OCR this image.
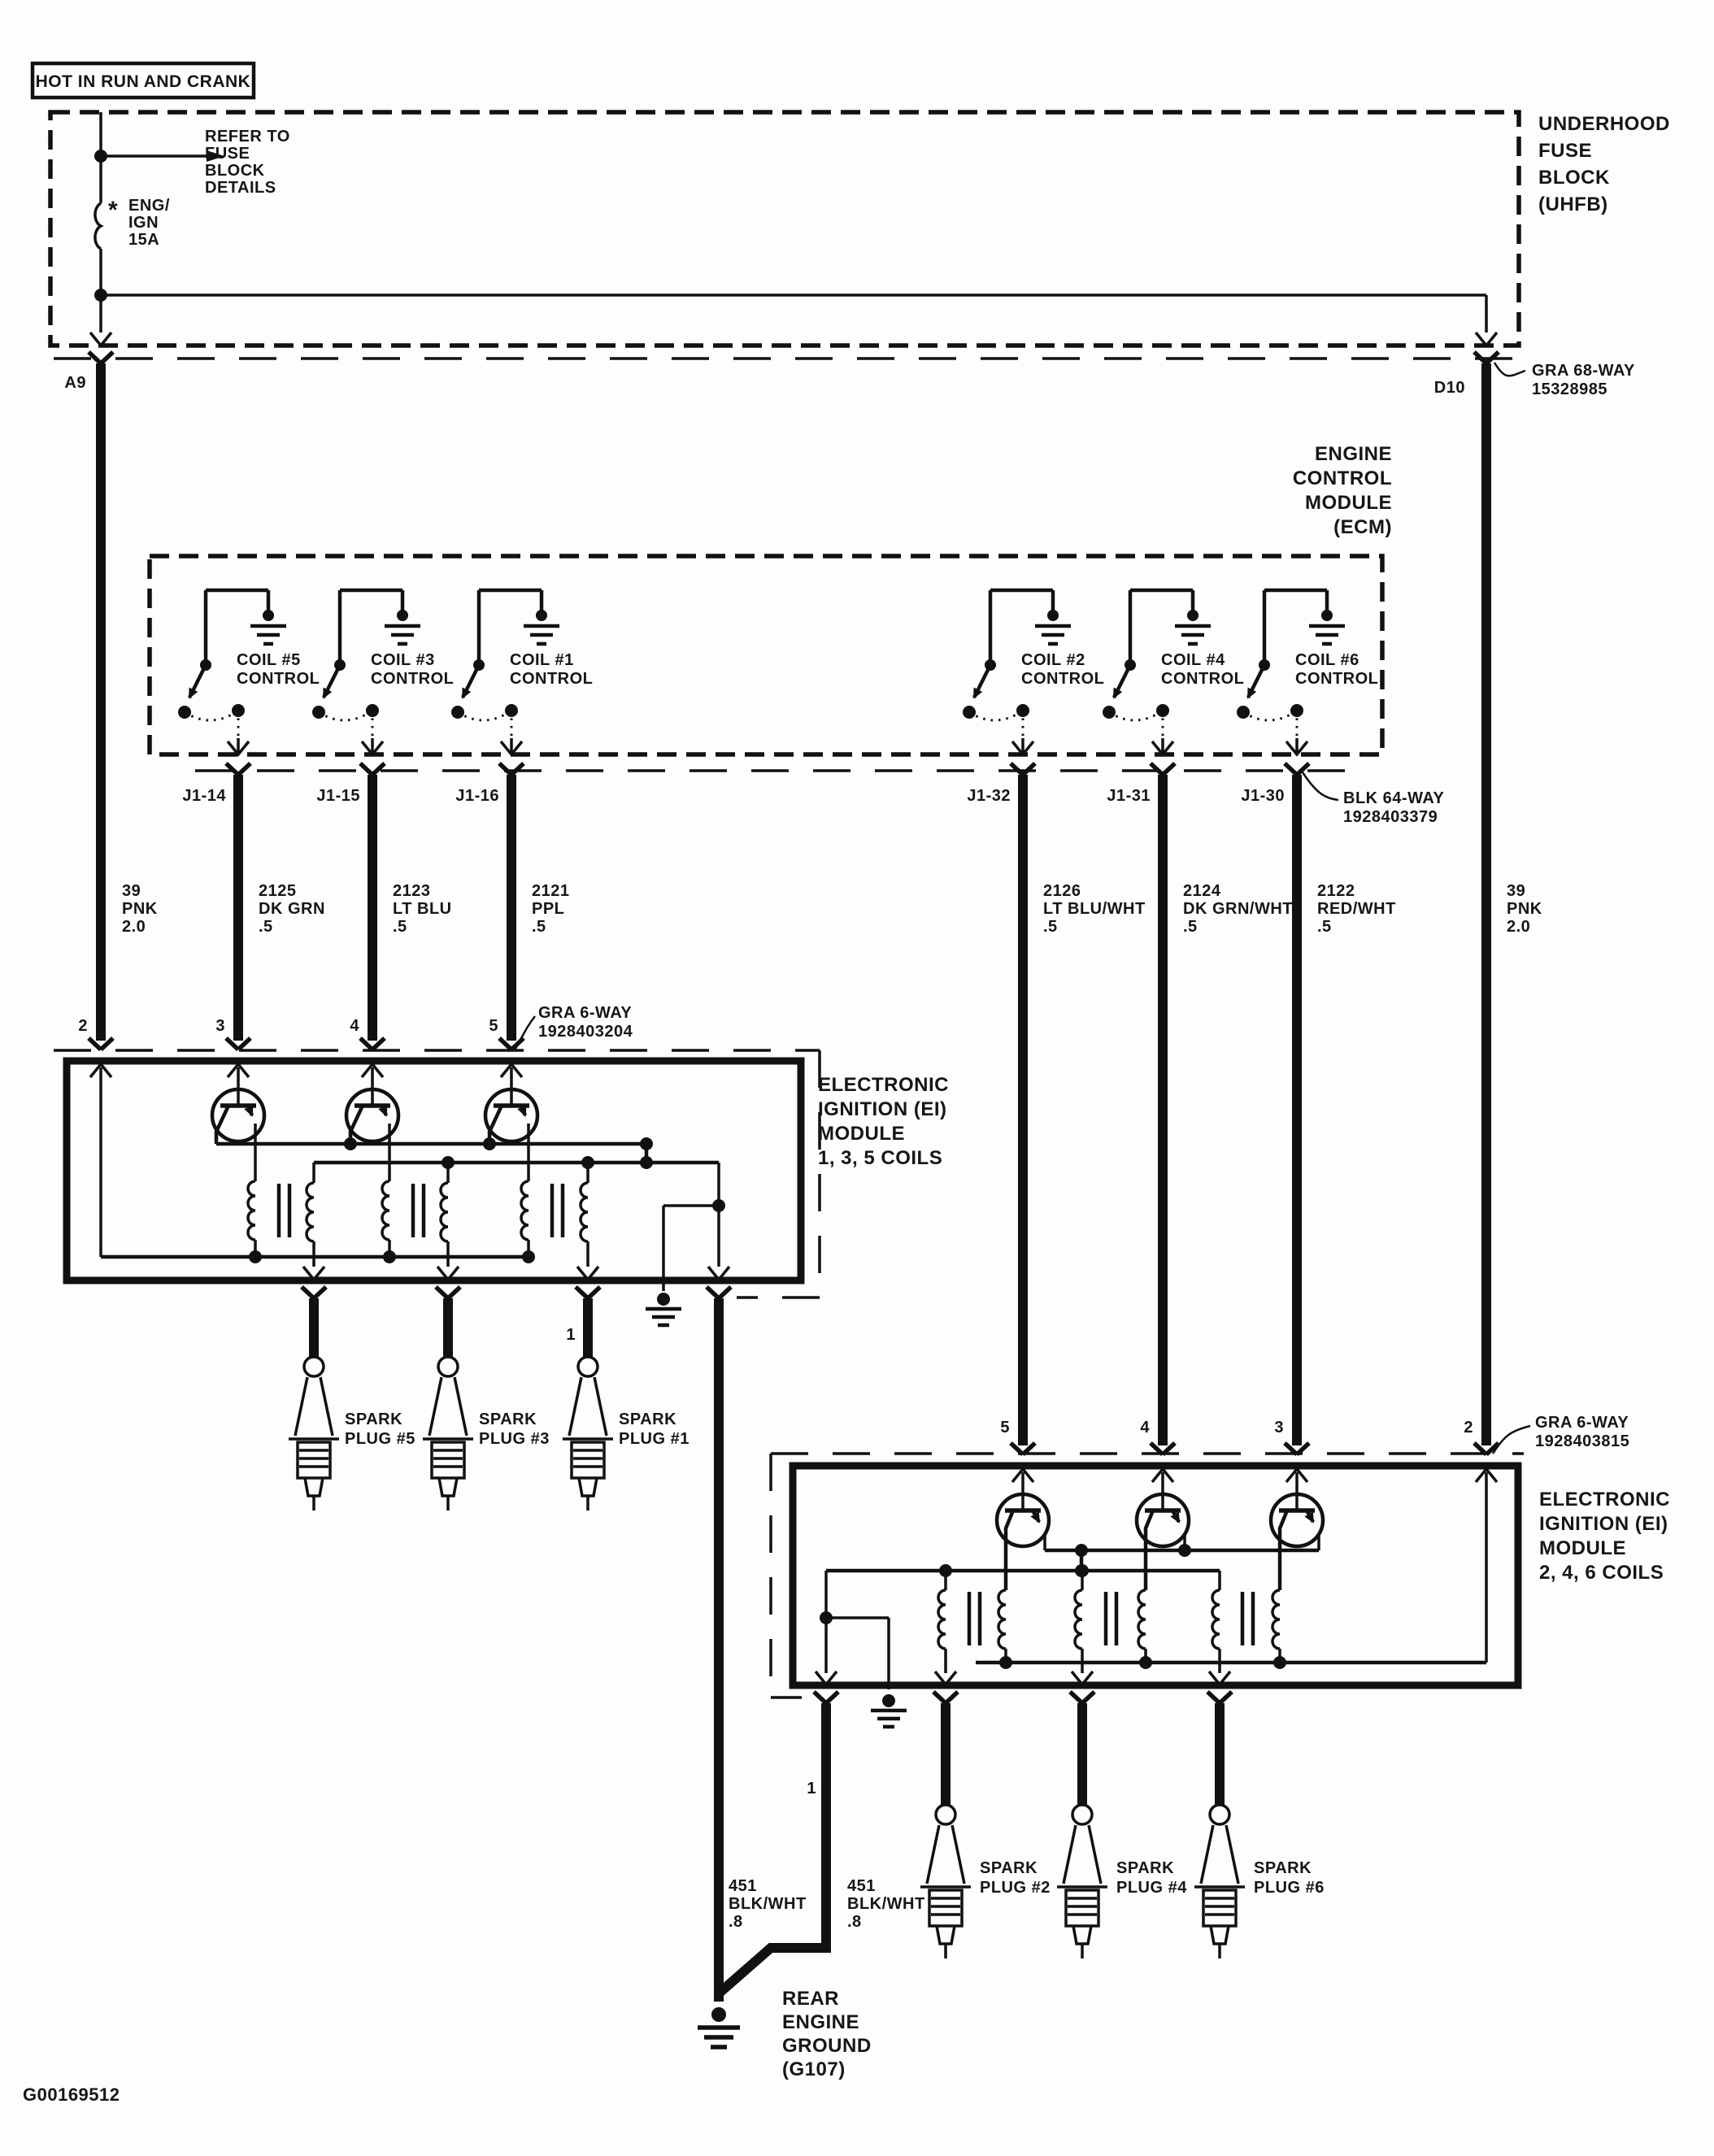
HOT IN RUN AND CRANK
REFER TO
FUSE
BLOCK
DETAILS
* ENG/
IGN
15A
UNDERHOOD
FUSE
BLOCK
(UHFB)
A9	D10
GRA 68-WAY
15328985
ENGINE
CONTROL
MODULE
(ECM)
COIL #5
CONTROL
COIL #3
CONTROL
COIL #1
CONTROL
COIL #2
CONTROL
COIL #4
CONTROL
COIL #6
CONTROL
J1-14	J1-15	J1-16	J1-32	J1-31	J1-30	BLK 64-WAY
1928403379
39
PNK
2.0
2125
DK GRN
.5
2123
LT BLU
.5
2121
PPL
.5
2126
LT BLU/WHT
.5
2124
DK GRN/WHT
.5
2122
RED/WHT
.5
39
PNK
2.0
2	3	4	5
GRA 6-WAY
1928403204
ELECTRONIC
IGNITION (EI)
MODULE
1, 3, 5 COILS
1
SPARK
PLUG #5
SPARK
PLUG #3
SPARK
PLUG #1
5	4	3	2	GRA 6-WAY
1928403815
ELECTRONIC
IGNITION (EI)
MODULE
2, 4, 6 COILS
1
SPARK
PLUG #2
SPARK
PLUG #4
SPARK
PLUG #6
451
BLK/WHT
.8
451
BLK/WHT
.8
REAR
ENGINE
GROUND
(G107)
G00169512
